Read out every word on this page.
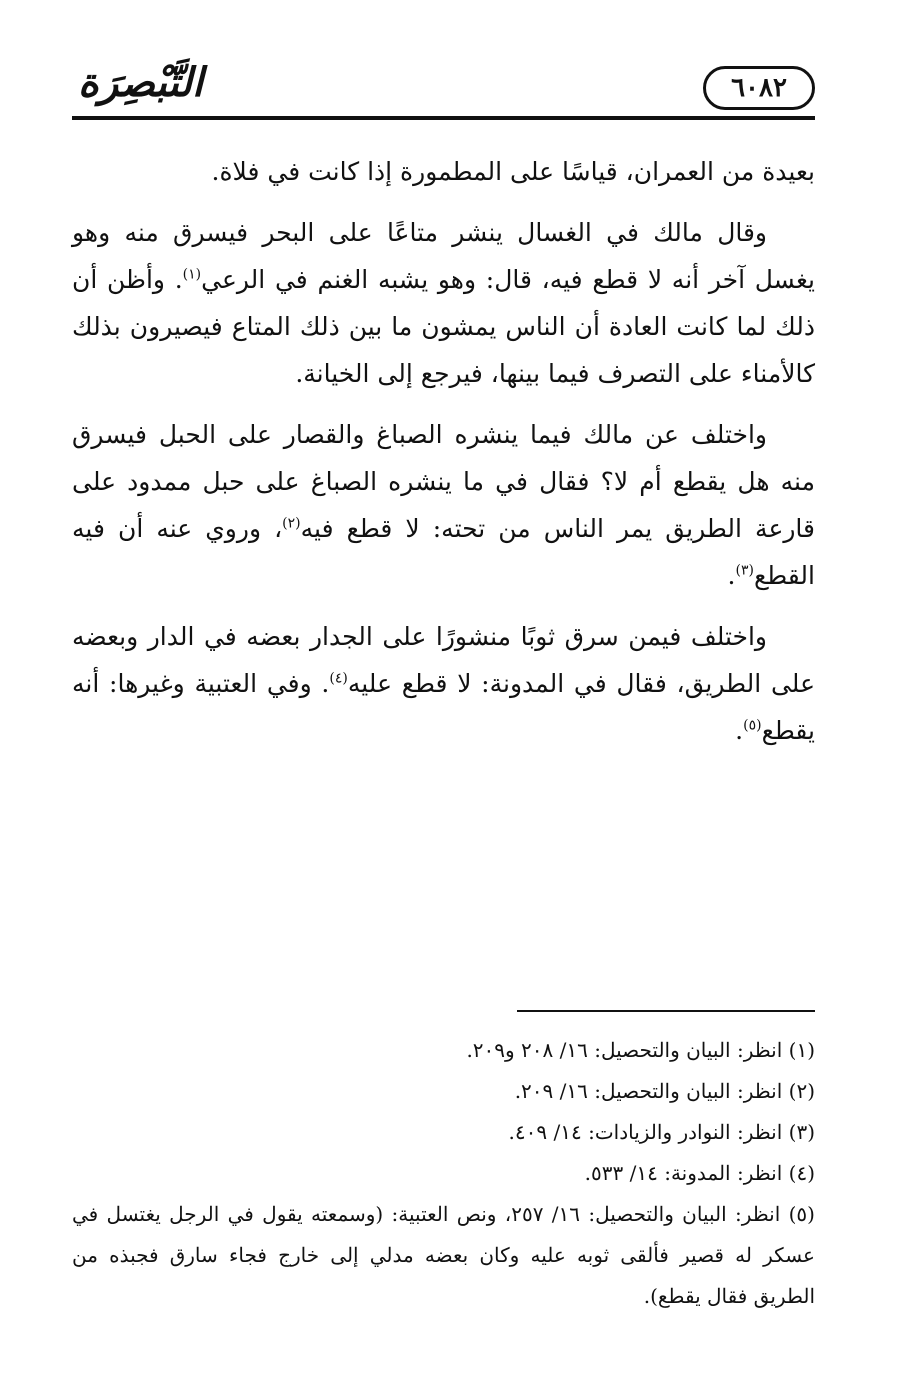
التَّبْصِرَة	٦٠٨٢

بعيدة من العمران، قياسًا على المطمورة إذا كانت في فلاة.

وقال مالك في الغسال ينشر متاعًا على البحر فيسرق منه وهو يغسل آخر أنه لا قطع فيه، قال: وهو يشبه الغنم في الرعي$^{(١)}$. وأظن أن ذلك لما كانت العادة أن الناس يمشون ما بين ذلك المتاع فيصيرون بذلك كالأمناء على التصرف فيما بينها، فيرجع إلى الخيانة.

واختلف عن مالك فيما ينشره الصباغ والقصار على الحبل فيسرق منه هل يقطع أم لا؟ فقال في ما ينشره الصباغ على حبل ممدود على قارعة الطريق يمر الناس من تحته: لا قطع فيه$^{(٢)}$، وروي عنه أن فيه القطع$^{(٣)}$.

واختلف فيمن سرق ثوبًا منشورًا على الجدار بعضه في الدار وبعضه على الطريق، فقال في المدونة: لا قطع عليه$^{(٤)}$. وفي العتبية وغيرها: أنه يقطع$^{(٥)}$.

(١) انظر: البيان والتحصيل: ١٦/ ٢٠٨ و٢٠٩.

(٢) انظر: البيان والتحصيل: ١٦/ ٢٠٩.

(٣) انظر: النوادر والزيادات: ١٤/ ٤٠٩.

(٤) انظر: المدونة: ١٤/ ٥٣٣.

(٥) انظر: البيان والتحصيل: ١٦/ ٢٥٧، ونص العتبية: (وسمعته يقول في الرجل يغتسل في عسكر له قصير فألقى ثوبه عليه وكان بعضه مدلي إلى خارج فجاء سارق فجبذه من الطريق فقال يقطع).
